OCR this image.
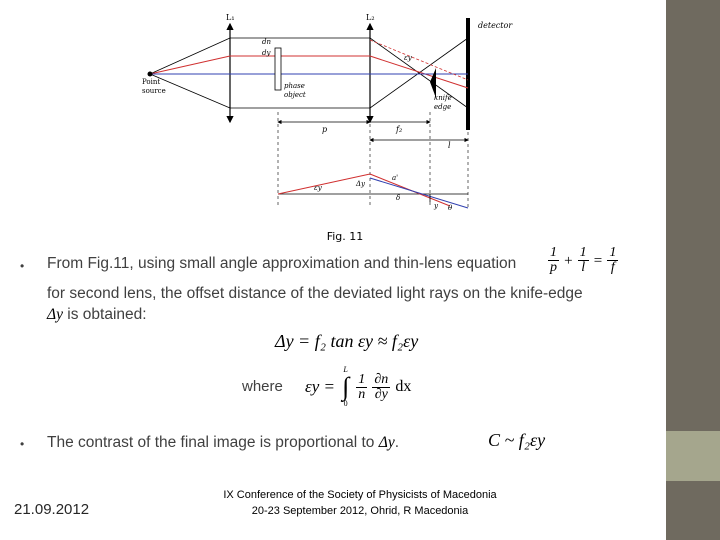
L₁	L₂
detector
dn
dy
εy
Point
source
phase
object	knife
edge
p	f₂
l
εy	Δy
a'
δ
y θ
Fig. 11
• From Fig.11, using small angle approximation and thin-lens equation $\frac{1}{p} + \frac{1}{l} = \frac{1}{f}$
for second lens, the offset distance of the deviated light rays on the knife-edge
Δy is obtained:
Δy = f₂ tan εy ≈ f₂εy
where εy =
L
∫
0

$\frac{1}{n}$
$\frac{\partial n}{\partial y}$ dx
• The contrast of the final image is proportional to Δy.	C ~ f₂εy
21.09.2012
IX Conference of the Society of Physicists of Macedonia
20-23 September 2012, Ohrid, R Macedonia
